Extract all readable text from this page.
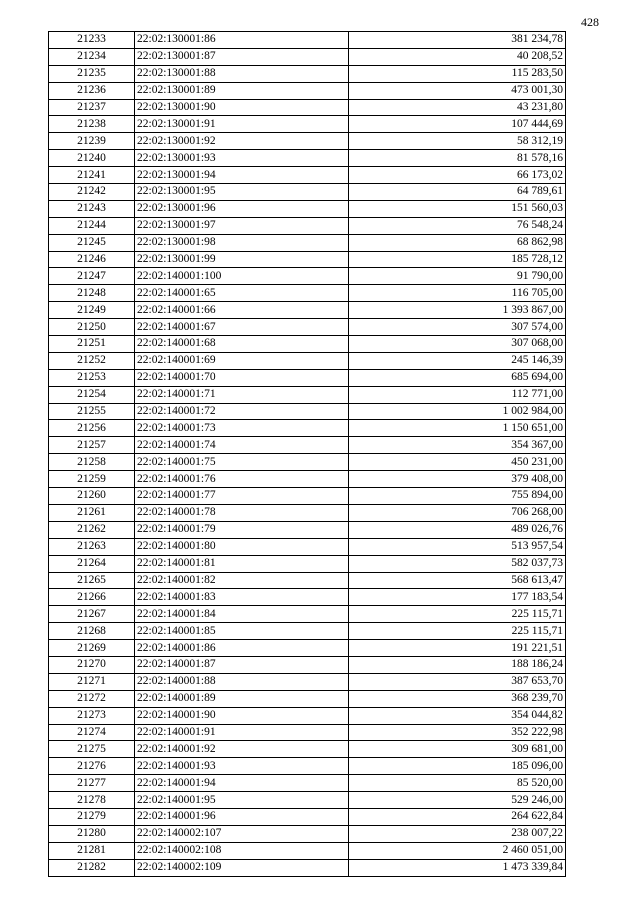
428
21233	22:02:130001:86	381 234,78
21234	22:02:130001:87	40 208,52
21235	22:02:130001:88	115 283,50
21236	22:02:130001:89	473 001,30
21237	22:02:130001:90	43 231,80
21238	22:02:130001:91	107 444,69
21239	22:02:130001:92	58 312,19
21240	22:02:130001:93	81 578,16
21241	22:02:130001:94	66 173,02
21242	22:02:130001:95	64 789,61
21243	22:02:130001:96	151 560,03
21244	22:02:130001:97	76 548,24
21245	22:02:130001:98	68 862,98
21246	22:02:130001:99	185 728,12
21247	22:02:140001:100	91 790,00
21248	22:02:140001:65	116 705,00
21249	22:02:140001:66	1 393 867,00
21250	22:02:140001:67	307 574,00
21251	22:02:140001:68	307 068,00
21252	22:02:140001:69	245 146,39
21253	22:02:140001:70	685 694,00
21254	22:02:140001:71	112 771,00
21255	22:02:140001:72	1 002 984,00
21256	22:02:140001:73	1 150 651,00
21257	22:02:140001:74	354 367,00
21258	22:02:140001:75	450 231,00
21259	22:02:140001:76	379 408,00
21260	22:02:140001:77	755 894,00
21261	22:02:140001:78	706 268,00
21262	22:02:140001:79	489 026,76
21263	22:02:140001:80	513 957,54
21264	22:02:140001:81	582 037,73
21265	22:02:140001:82	568 613,47
21266	22:02:140001:83	177 183,54
21267	22:02:140001:84	225 115,71
21268	22:02:140001:85	225 115,71
21269	22:02:140001:86	191 221,51
21270	22:02:140001:87	188 186,24
21271	22:02:140001:88	387 653,70
21272	22:02:140001:89	368 239,70
21273	22:02:140001:90	354 044,82
21274	22:02:140001:91	352 222,98
21275	22:02:140001:92	309 681,00
21276	22:02:140001:93	185 096,00
21277	22:02:140001:94	85 520,00
21278	22:02:140001:95	529 246,00
21279	22:02:140001:96	264 622,84
21280	22:02:140002:107	238 007,22
21281	22:02:140002:108	2 460 051,00
21282	22:02:140002:109	1 473 339,84
